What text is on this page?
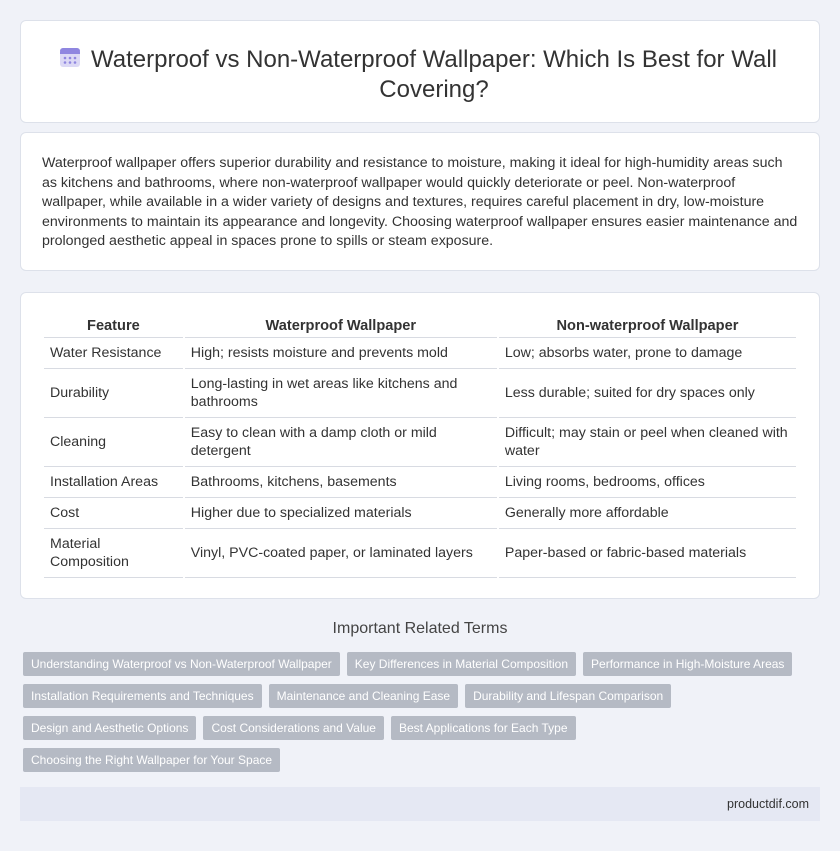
Waterproof vs Non-Waterproof Wallpaper: Which Is Best for Wall Covering?

Waterproof wallpaper offers superior durability and resistance to moisture, making it ideal for high-humidity areas such as kitchens and bathrooms, where non-waterproof wallpaper would quickly deteriorate or peel. Non-waterproof wallpaper, while available in a wider variety of designs and textures, requires careful placement in dry, low-moisture environments to maintain its appearance and longevity. Choosing waterproof wallpaper ensures easier maintenance and prolonged aesthetic appeal in spaces prone to spills or steam exposure.

Feature	Waterproof Wallpaper	Non-waterproof Wallpaper
Water Resistance	High; resists moisture and prevents mold	Low; absorbs water, prone to damage
Durability	Long-lasting in wet areas like kitchens and bathrooms	Less durable; suited for dry spaces only
Cleaning	Easy to clean with a damp cloth or mild detergent	Difficult; may stain or peel when cleaned with water
Installation Areas	Bathrooms, kitchens, basements	Living rooms, bedrooms, offices
Cost	Higher due to specialized materials	Generally more affordable
Material Composition	Vinyl, PVC-coated paper, or laminated layers	Paper-based or fabric-based materials
Important Related Terms
Understanding Waterproof vs Non-Waterproof Wallpaper	Key Differences in Material Composition	Performance in High-Moisture Areas
Installation Requirements and Techniques	Maintenance and Cleaning Ease	Durability and Lifespan Comparison
Design and Aesthetic Options	Cost Considerations and Value	Best Applications for Each Type
Choosing the Right Wallpaper for Your Space
productdif.com
